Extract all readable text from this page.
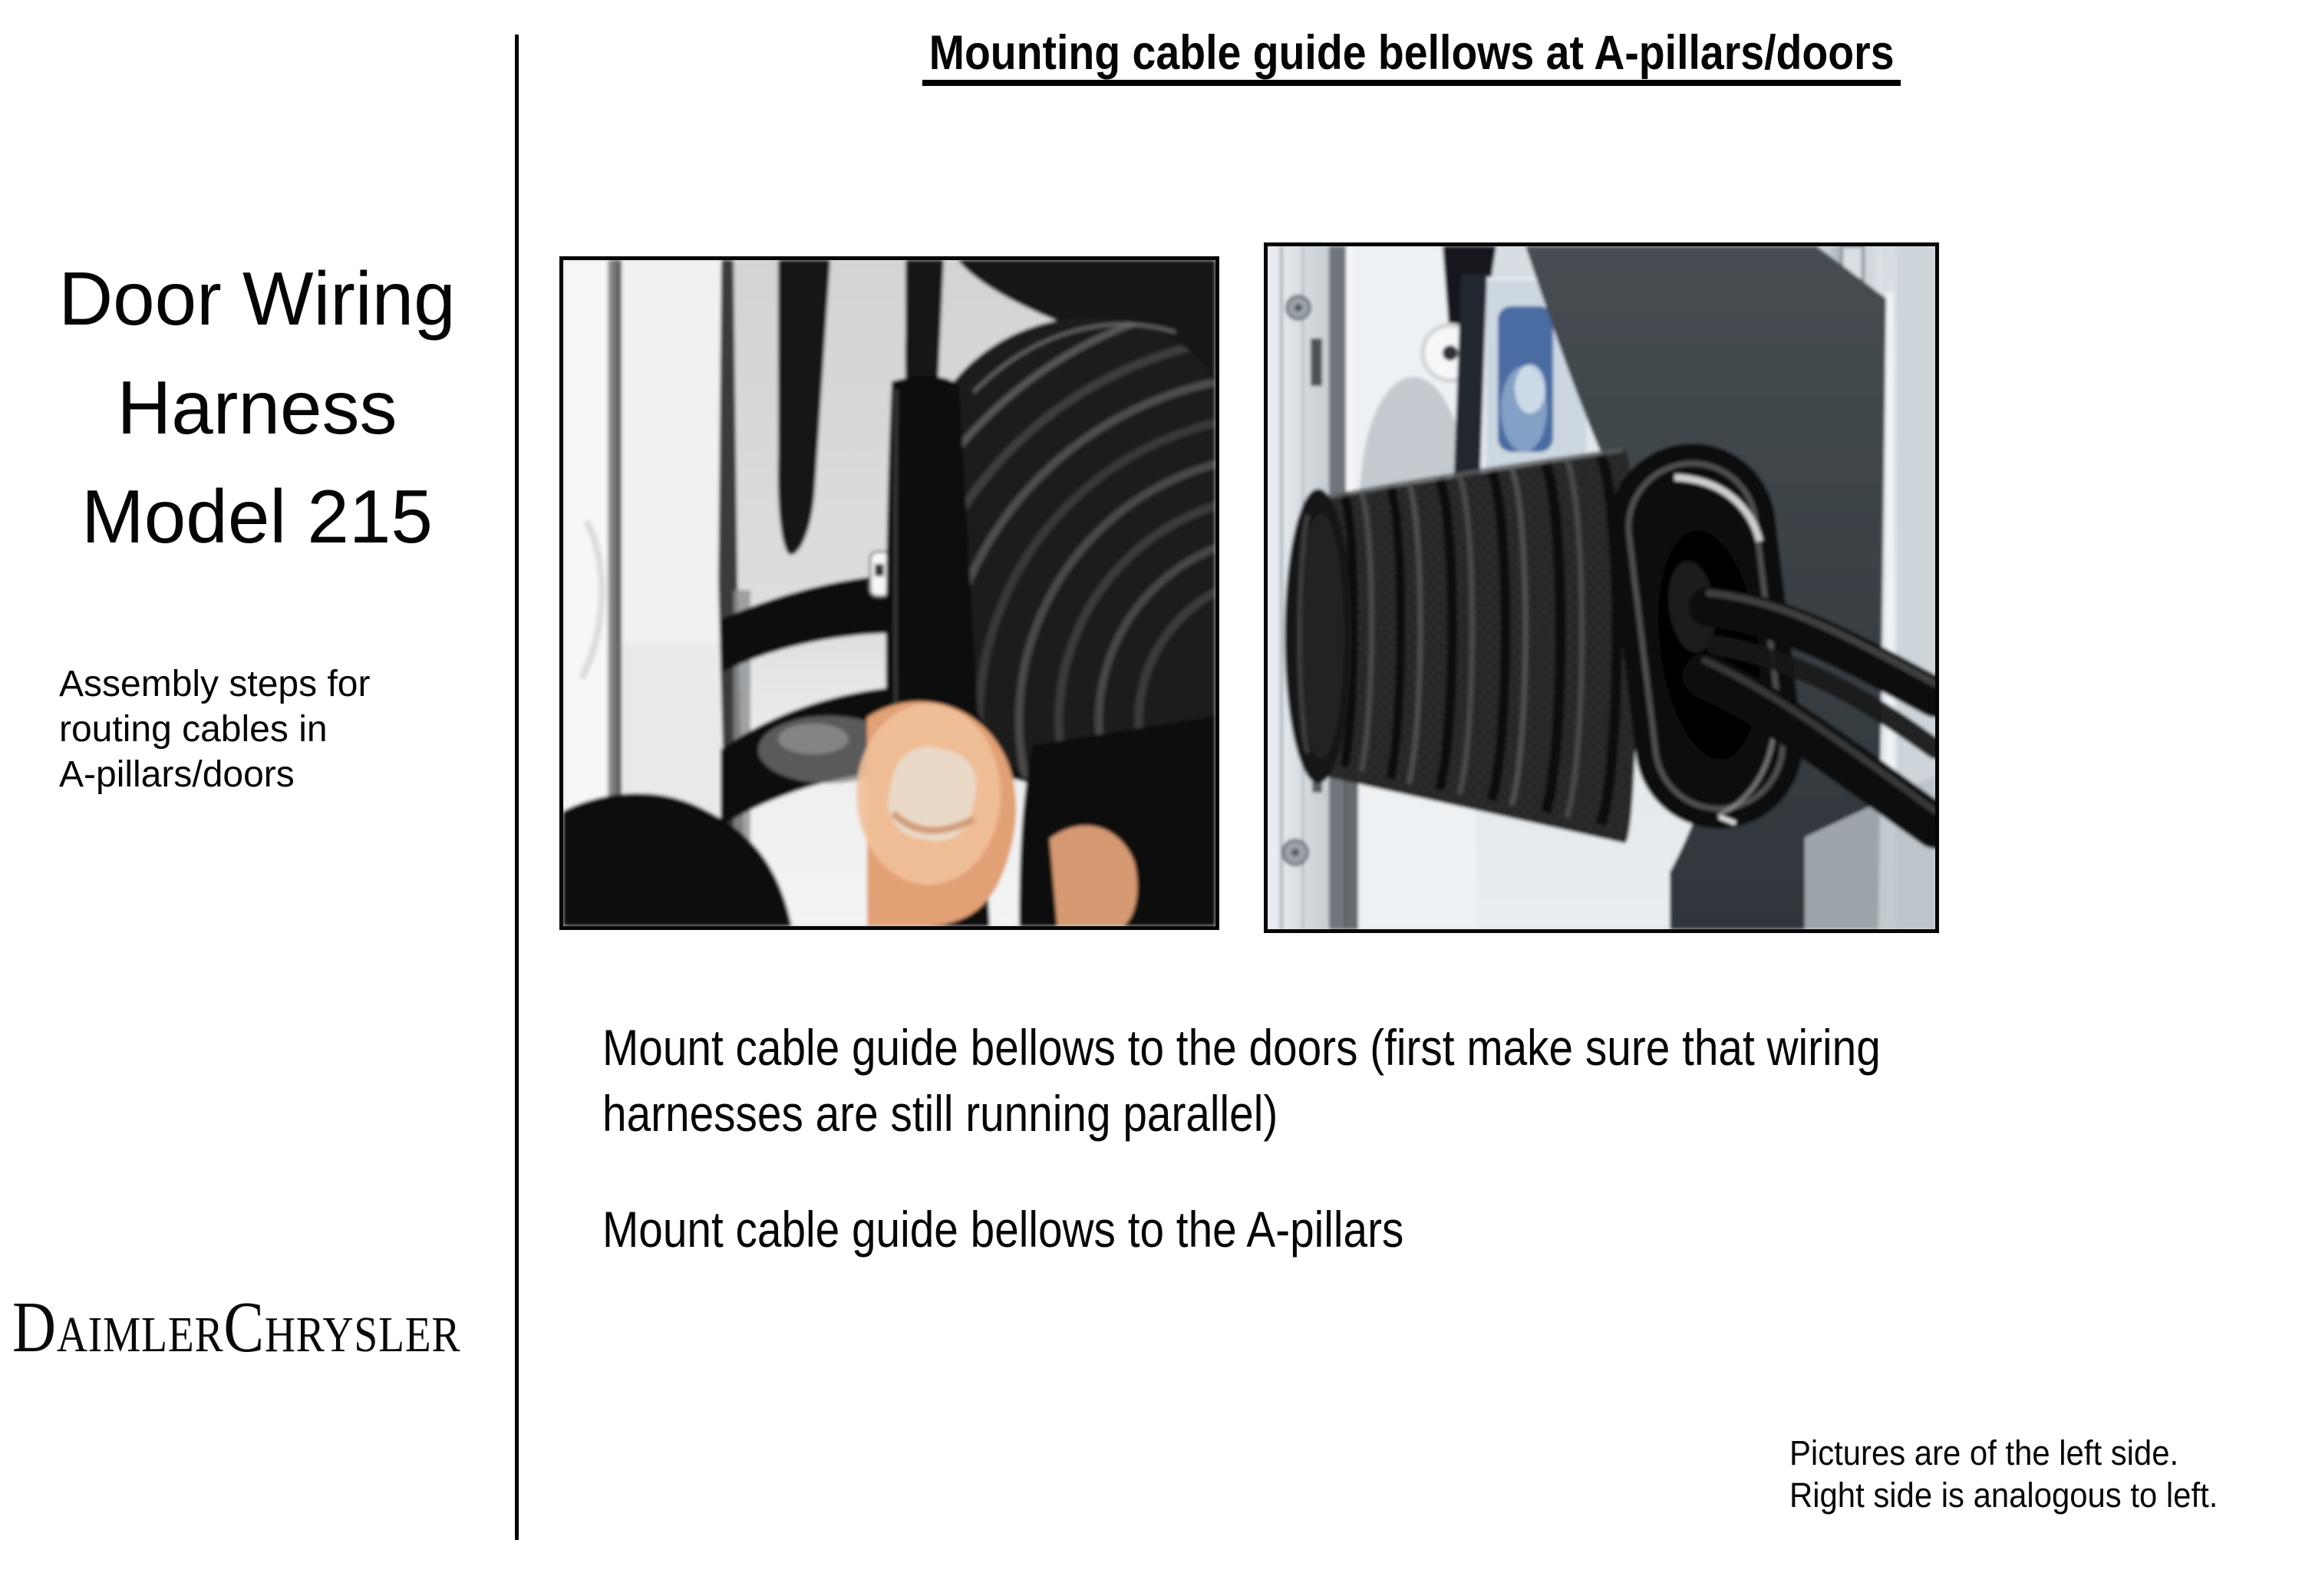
Door Wiring
Harness
Model 215
Assembly steps for
routing cables in
A-pillars/doors
DaimlerChrysler
Mounting cable guide bellows at A-pillars/doors
Mount cable guide bellows to the doors (first make sure that wiring
harnesses are still running parallel)
Mount cable guide bellows to the A-pillars
Pictures are of the left side.
Right side is analogous to left.
